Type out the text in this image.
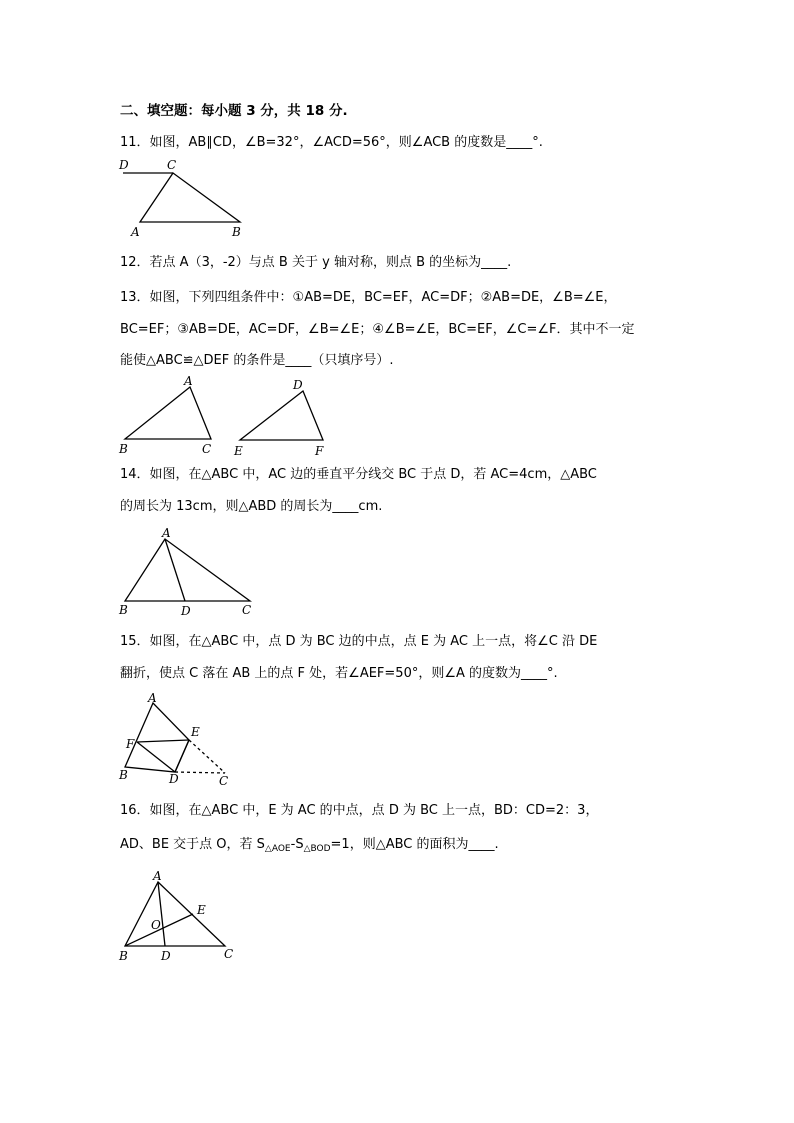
二、填空题：每小题 3 分，共 18 分.
11．如图，AB∥CD，∠B=32°，∠ACD=56°，则∠ACB 的度数是____°.
D	C
A	B
12．若点 A（3，-2）与点 B 关于 y 轴对称，则点 B 的坐标为____.
13．如图，下列四组条件中：①AB=DE，BC=EF，AC=DF；②AB=DE，∠B=∠E，
BC=EF；③AB=DE，AC=DF，∠B=∠E；④∠B=∠E，BC=EF，∠C=∠F．其中不一定
能使△ABC≌△DEF 的条件是____（只填序号）.
A
B	C
D
E	F
14．如图，在△ABC 中，AC 边的垂直平分线交 BC 于点 D，若 AC=4cm，△ABC
的周长为 13cm，则△ABD 的周长为____cm.
A
B	D	C
15．如图，在△ABC 中，点 D 为 BC 边的中点，点 E 为 AC 上一点，将∠C 沿 DE
翻折，使点 C 落在 AB 上的点 F 处，若∠AEF=50°，则∠A 的度数为____°.
A
E
F
B	D	C
16．如图，在△ABC 中，E 为 AC 的中点，点 D 为 BC 上一点，BD：CD=2：3，
AD、BE 交于点 O，若 $S_{\triangle AOE}-S_{\triangle BOD}=1$，则△ABC 的面积为____.
A
O
E
B	D	C
